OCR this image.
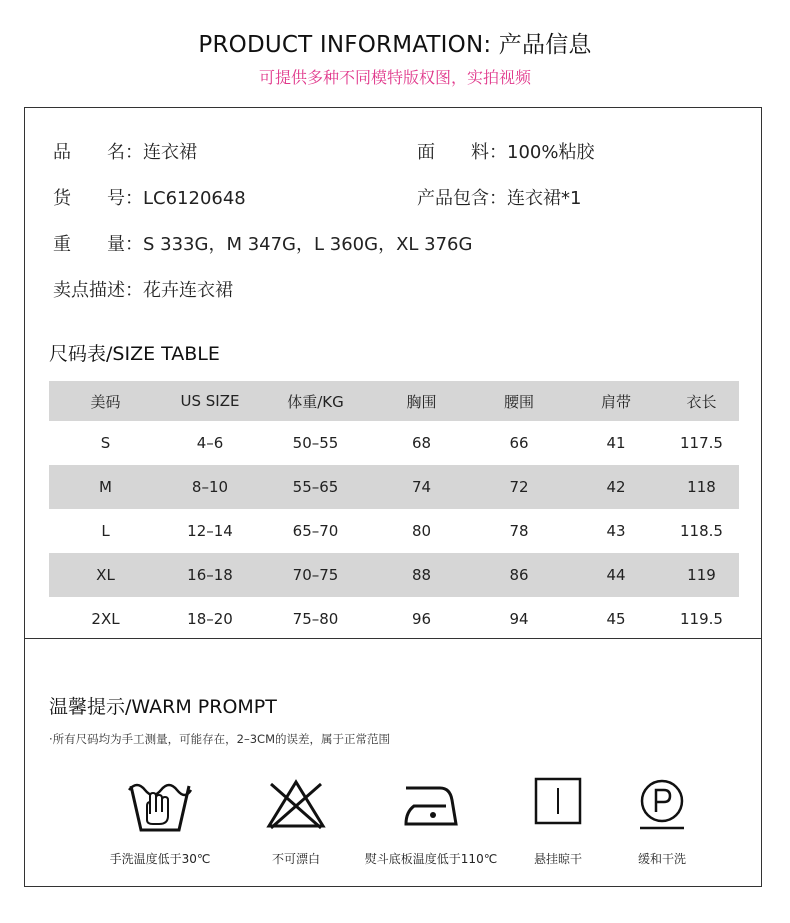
PRODUCT INFORMATION: 产品信息
可提供多种不同模特版权图，实拍视频
品　　名：连衣裙	面　　料：100%粘胶
货　　号：LC6120648	产品包含：连衣裙*1
重　　量：S 333G，M 347G，L 360G，XL 376G
卖点描述：花卉连衣裙
尺码表/SIZE TABLE
美码	US SIZE	体重/KG	胸围	腰围	肩带	衣长
S	4–6	50–55	68	66	41	117.5
M	8–10	55–65	74	72	42	118
L	12–14	65–70	80	78	43	118.5
XL	16–18	70–75	88	86	44	119
2XL	18–20	75–80	96	94	45	119.5
温馨提示/WARM PROMPT
·所有尺码均为手工测量，可能存在，2–3CM的误差，属于正常范围
手洗温度低于30℃	不可漂白	熨斗底板温度低于110℃	悬挂晾干	缓和干洗
